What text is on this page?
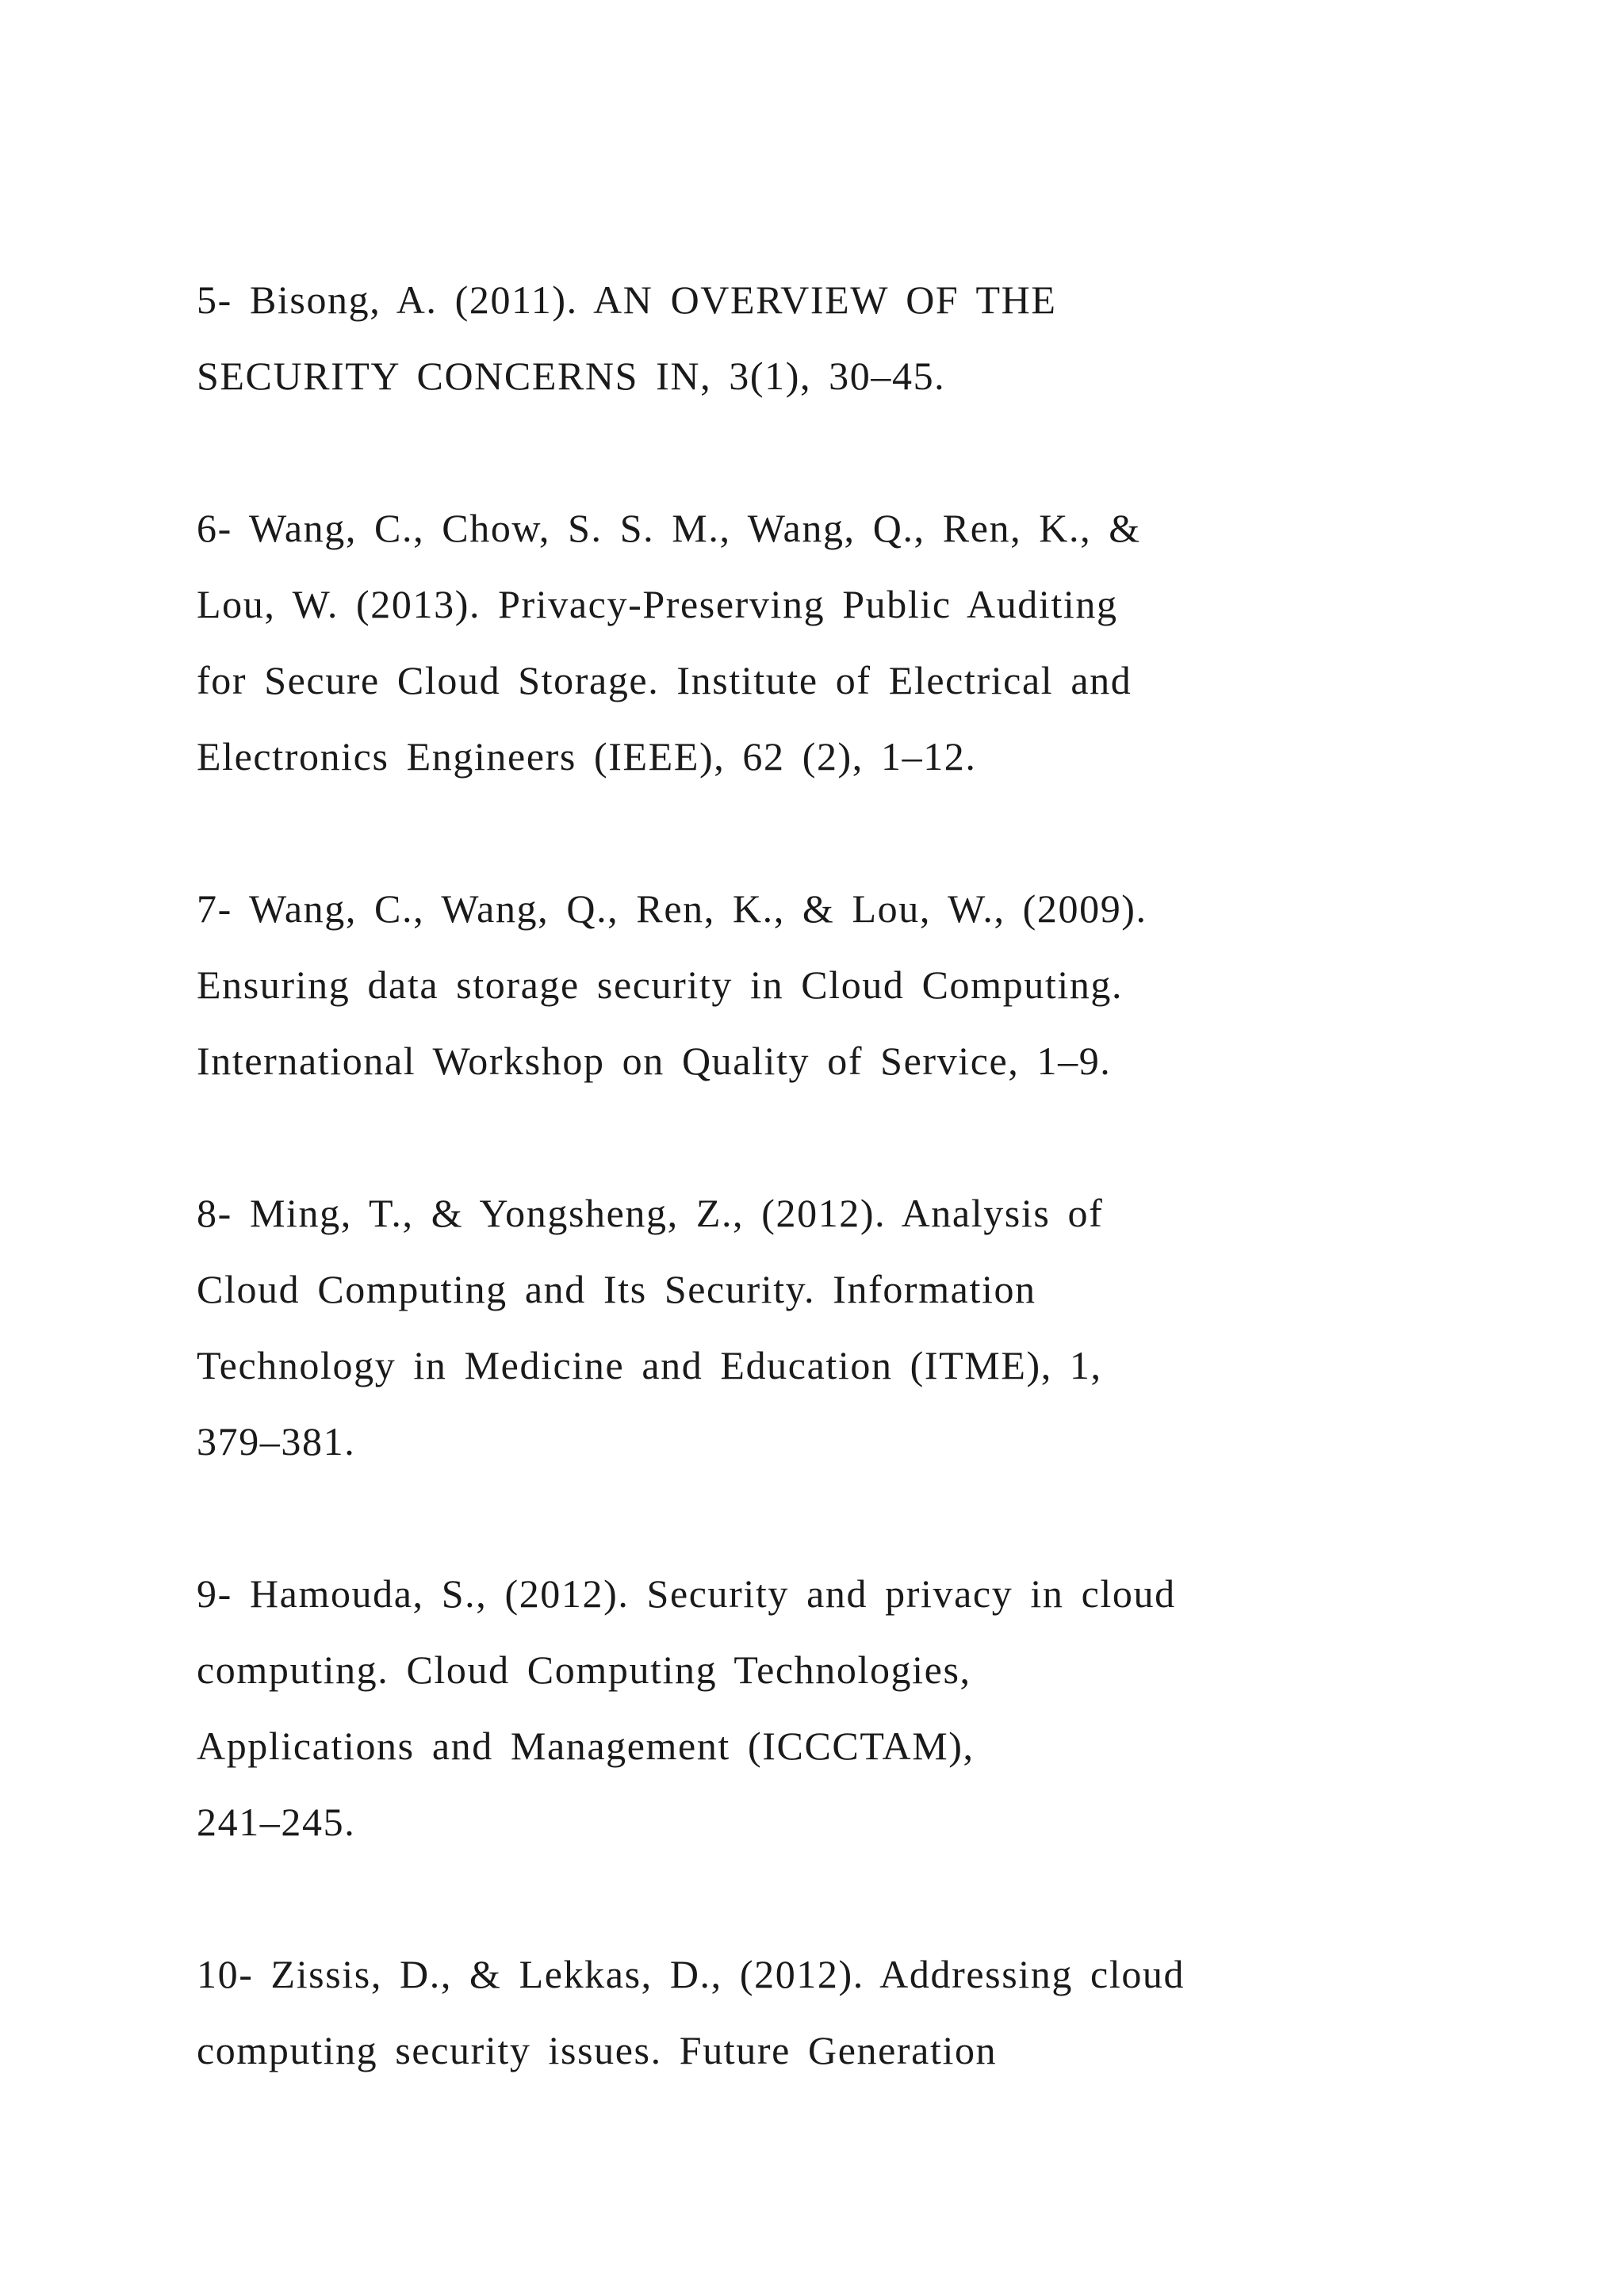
5- Bisong, A. (2011). AN OVERVIEW OF THE
SECURITY CONCERNS IN, 3(1), 30–45.
6- Wang, C., Chow, S. S. M., Wang, Q., Ren, K., &
Lou, W. (2013). Privacy-Preserving Public Auditing
for Secure Cloud Storage. Institute of Electrical and
Electronics Engineers (IEEE), 62 (2), 1–12.
7- Wang, C., Wang, Q., Ren, K., & Lou, W., (2009).
Ensuring data storage security in Cloud Computing.
International Workshop on Quality of Service, 1–9.
8- Ming, T., & Yongsheng, Z., (2012). Analysis of
Cloud Computing and Its Security. Information
Technology in Medicine and Education (ITME), 1,
379–381.
9- Hamouda, S., (2012). Security and privacy in cloud
computing. Cloud Computing Technologies,
Applications and Management (ICCCTAM),
241–245.
10- Zissis, D., & Lekkas, D., (2012). Addressing cloud
computing security issues. Future Generation
